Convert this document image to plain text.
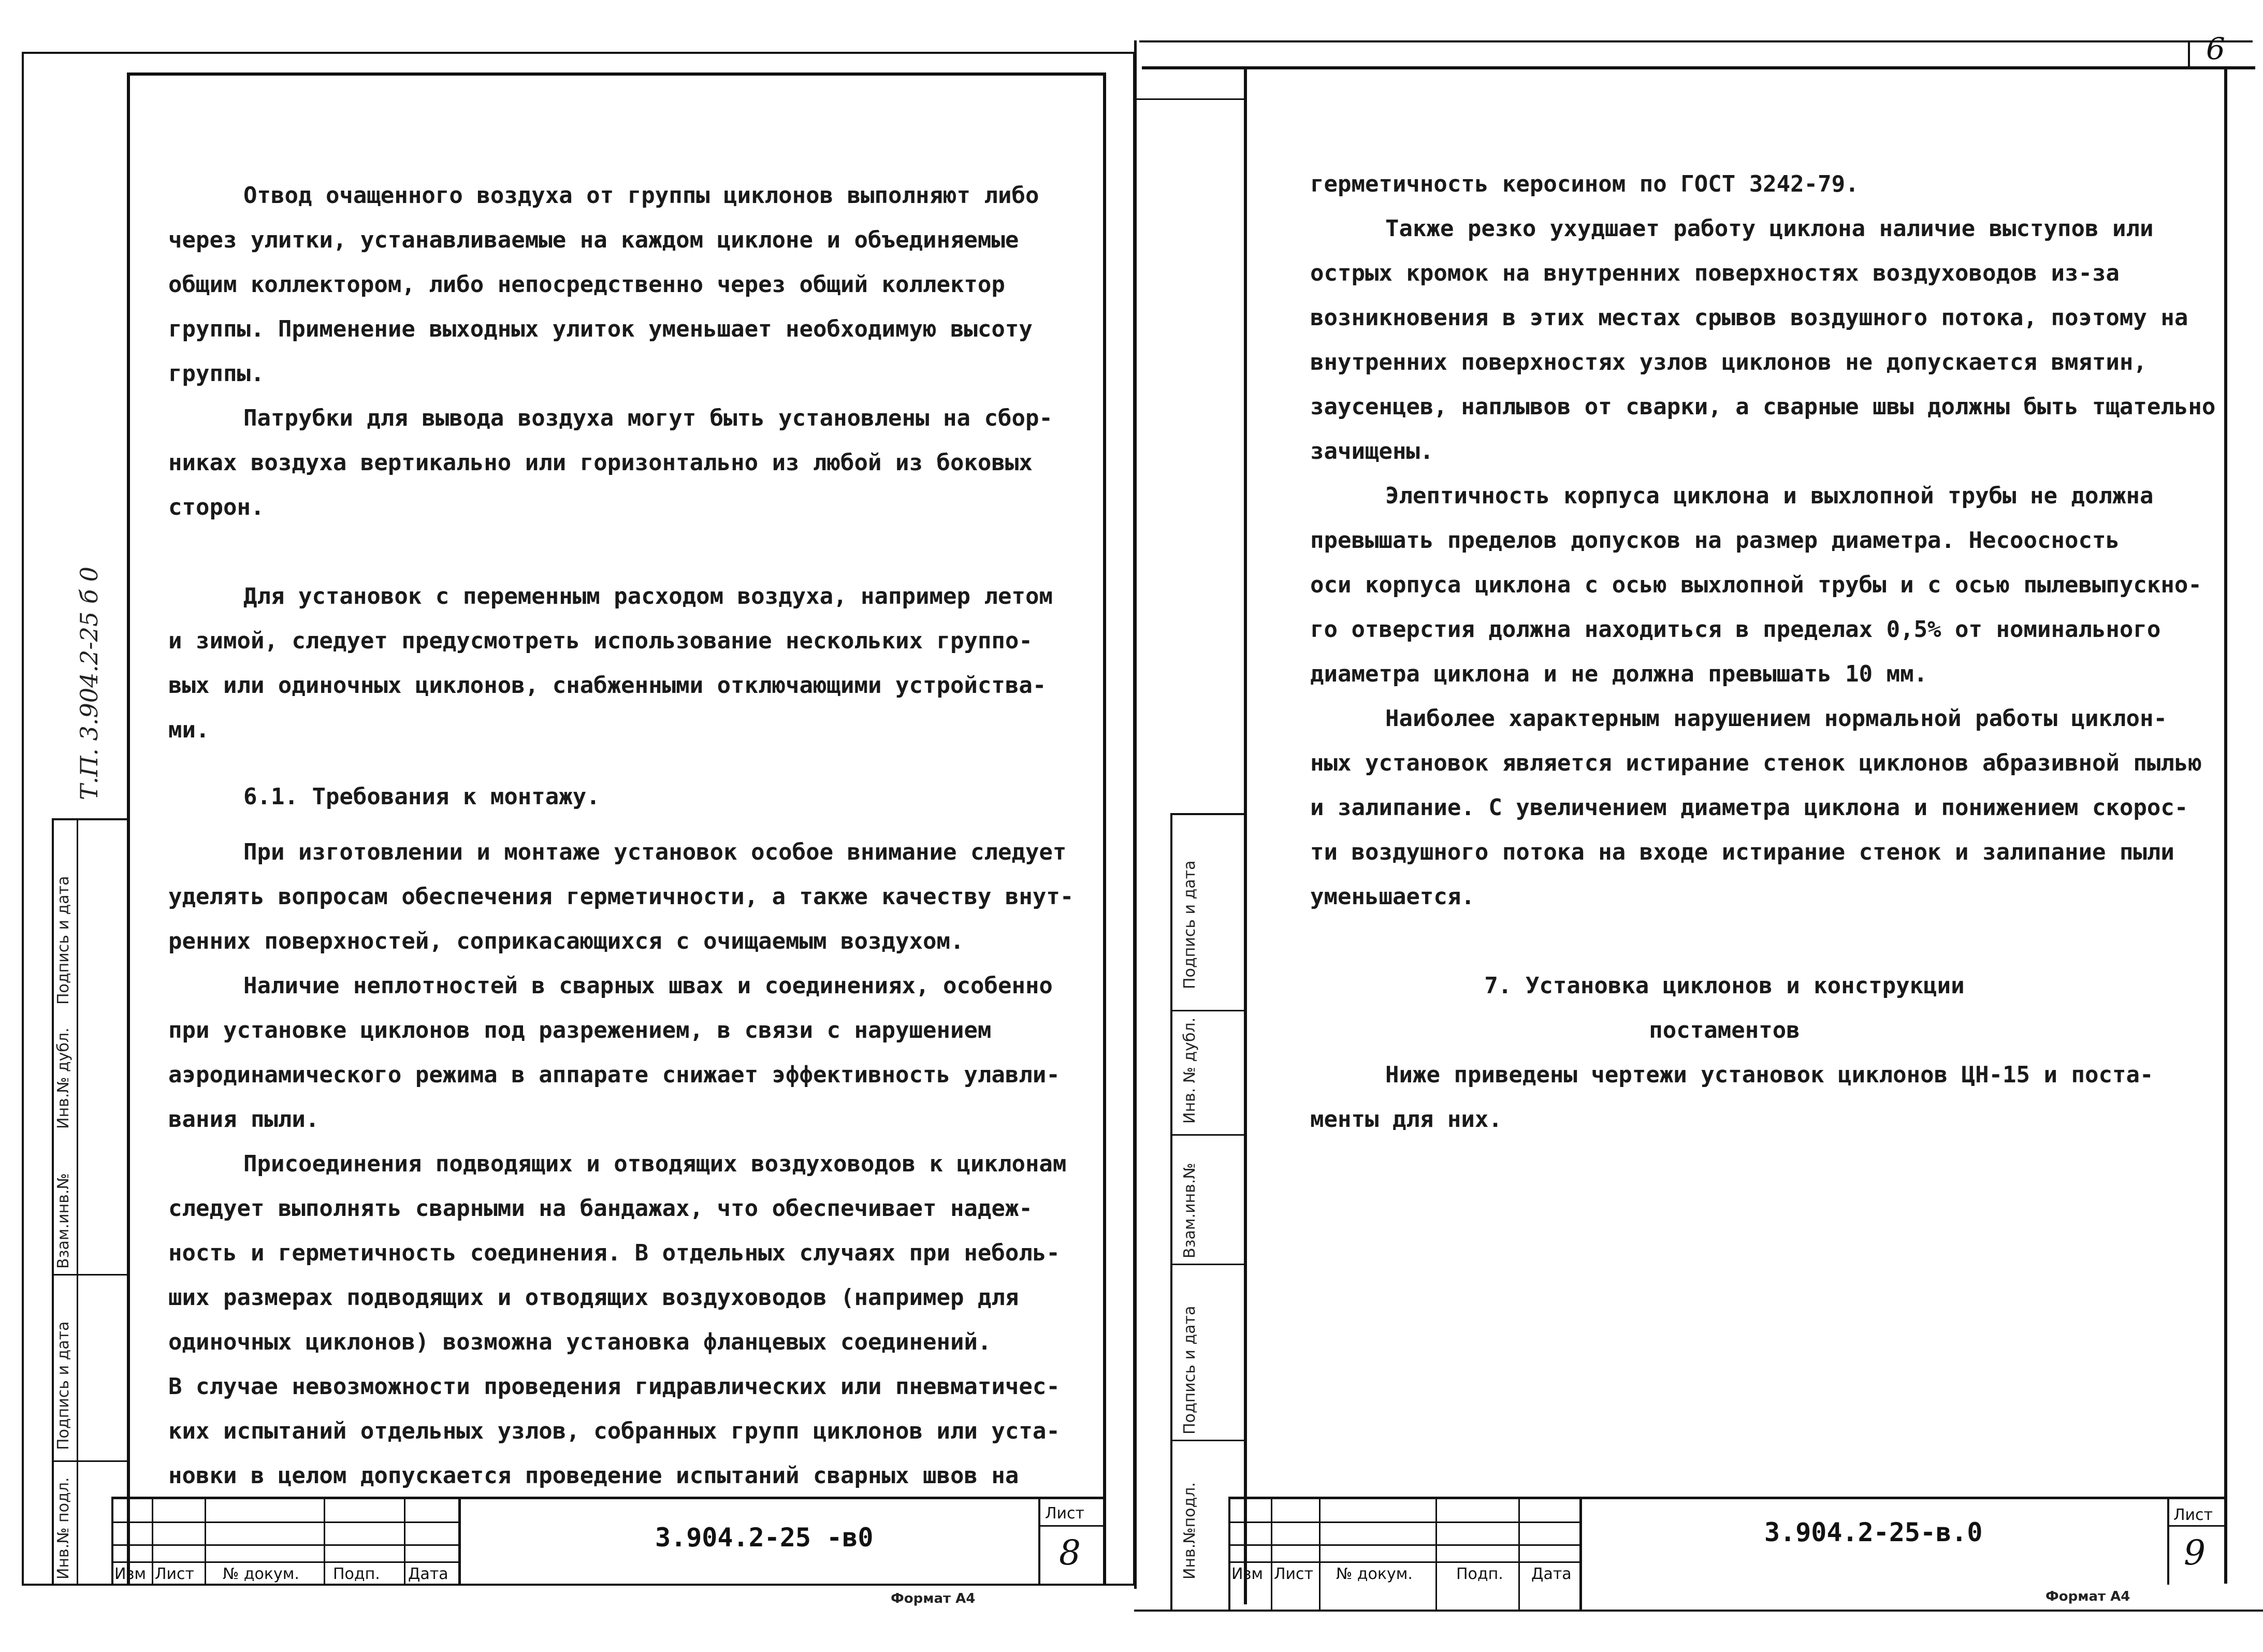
Т.П. 3.904.2-25 б 0
Подпись и дата
Инв.№ дубл.
Взам.инв.№
Подпись и дата
Инв.№ подл.

Отвод очащенного воздуха от группы циклонов выполняют либо
через улитки, устанавливаемые на каждом циклоне и объединяемые
общим коллектором, либо непосредственно через общий коллектор
группы. Применение выходных улиток уменьшает необходимую высоту
группы.

Патрубки для вывода воздуха могут быть установлены на сбор-
никах воздуха вертикально или горизонтально из любой из боковых
сторон.

Для установок с переменным расходом воздуха, например летом
и зимой, следует предусмотреть использование нескольких группо-
вых или одиночных циклонов, снабженными отключающими устройства-
ми.

6.1. Требования к монтажу.

При изготовлении и монтаже установок особое внимание следует
уделять вопросам обеспечения герметичности, а также качеству внут-
ренних поверхностей, соприкасающихся с очищаемым воздухом.

Наличие неплотностей в сварных швах и соединениях, особенно
при установке циклонов под разрежением, в связи с нарушением
аэродинамического режима в аппарате снижает эффективность улавли-
вания пыли.

Присоединения подводящих и отводящих воздуховодов к циклонам
следует выполнять сварными на бандажах, что обеспечивает надеж-
ность и герметичность соединения. В отдельных случаях при неболь-
ших размерах подводящих и отводящих воздуховодов (например для
одиночных циклонов) возможна установка фланцевых соединений.

В случае невозможности проведения гидравлических или пневматичес-
ких испытаний отдельных узлов, собранных групп циклонов или уста-
новки в целом допускается проведение испытаний сварных швов на

Изм Лист № докум. Подп. Дата
3.904.2-25 -в0
Лист
8
Формат А4
6
Подпись и дата
Инв. № дубл.
Взам.инв.№
Подпись и дата
Инв.№подл.

герметичность керосином по ГОСТ 3242-79.

Также резко ухудшает работу циклона наличие выступов или
острых кромок на внутренних поверхностях воздуховодов из-за
возникновения в этих местах срывов воздушного потока, поэтому на
внутренних поверхностях узлов циклонов не допускается вмятин,
заусенцев, наплывов от сварки, а сварные швы должны быть тщательно
зачищены.

Элептичность корпуса циклона и выхлопной трубы не должна
превышать пределов допусков на размер диаметра. Несоосность
оси корпуса циклона с осью выхлопной трубы и с осью пылевыпускно-
го отверстия должна находиться в пределах 0,5% от номинального
диаметра циклона и не должна превышать 10 мм.

Наиболее характерным нарушением нормальной работы циклон-
ных установок является истирание стенок циклонов абразивной пылью
и залипание. С увеличением диаметра циклона и понижением скорос-
ти воздушного потока на входе истирание стенок и залипание пыли
уменьшается.

7. Установка циклонов и конструкции
постаментов

Ниже приведены чертежи установок циклонов ЦН-15 и поста-
менты для них.

Изм Лист № докум.	Подп. Дата
3.904.2-25-в.0
Лист
9
Формат А4
